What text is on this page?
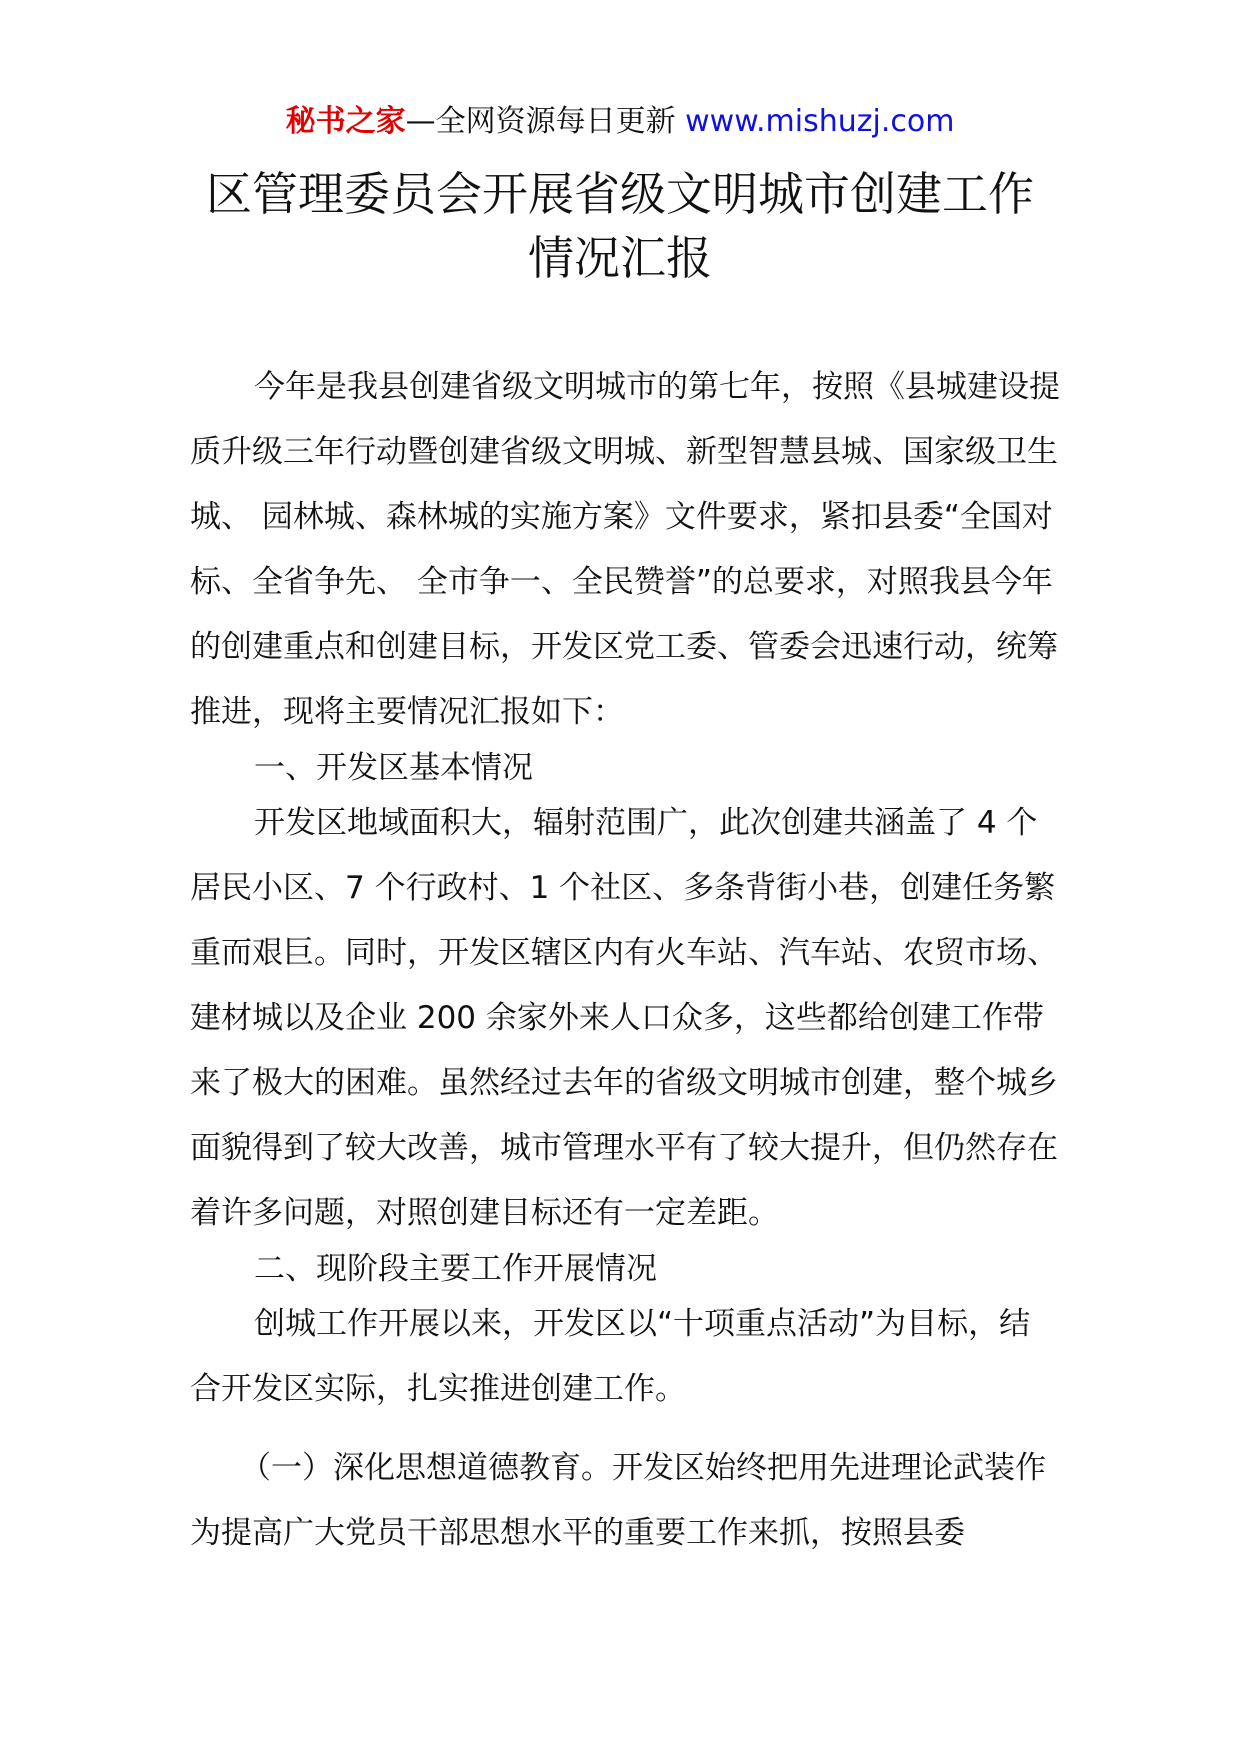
秘书之家—全网资源每日更新 www.mishuzj.com
区管理委员会开展省级文明城市创建工作
情况汇报

今年是我县创建省级文明城市的第七年，按照《县城建设提质升级三年行动暨创建省级文明城、新型智慧县城、国家级卫生城、 园林城、森林城的实施方案》文件要求，紧扣县委“全国对标、全省争先、 全市争一、全民赞誉”的总要求，对照我县今年的创建重点和创建目标，开发区党工委、管委会迅速行动，统筹推进，现将主要情况汇报如下：

一、开发区基本情况

开发区地域面积大，辐射范围广，此次创建共涵盖了 4 个居民小区、7 个行政村、1 个社区、多条背街小巷，创建任务繁重而艰巨。同时，开发区辖区内有火车站、汽车站、农贸市场、建材城以及企业 200 余家外来人口众多，这些都给创建工作带来了极大的困难。虽然经过去年的省级文明城市创建，整个城乡面貌得到了较大改善，城市管理水平有了较大提升，但仍然存在着许多问题，对照创建目标还有一定差距。

二、现阶段主要工作开展情况

创城工作开展以来，开发区以“十项重点活动”为目标，结合开发区实际，扎实推进创建工作。

（一）深化思想道德教育。开发区始终把用先进理论武装作为提高广大党员干部思想水平的重要工作来抓，按照县委
